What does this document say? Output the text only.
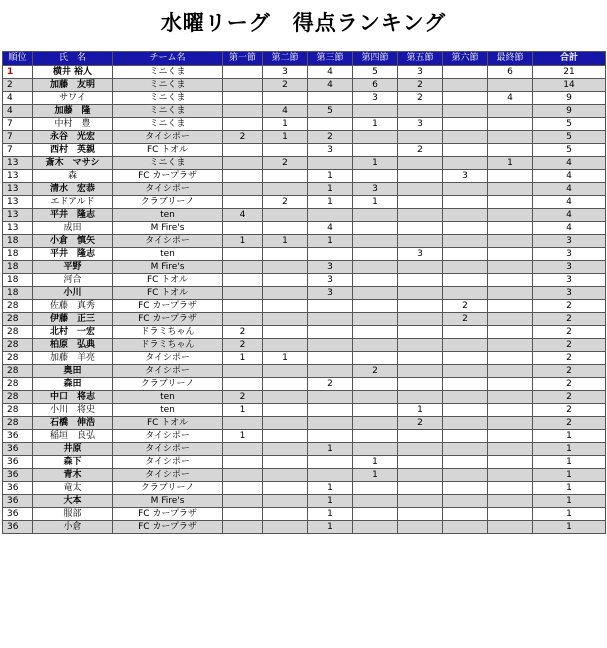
水曜リーグ　得点ランキング
順位	氏　名	チーム名	第一節	第二節	第三節	第四節	第五節	第六節	最終節	合計
1	横井 裕人	ミニくま		3	4	5	3		6	21
2	加藤　友明	ミニくま		2	4	6	2			14
4	サワイ	ミニくま				3	2		4	9
4	加藤　隆	ミニくま		4	5					9
7	中村　豊	ミニくま		1		1	3			5
7	永谷　光宏	タイシポー	2	1	2					5
7	西村　英親	FC トオル			3		2			5
13	斎木　マサシ	ミニくま		2		1			1	4
13	森	FC カープラザ			1			3		4
13	清水　宏恭	タイシポー			1	3				4
13	エドアルド	クラブリーノ		2	1	1				4
13	平井　隆志	ten	4							4
13	成田	M Fire's			4					4
18	小倉　慎矢	タイシポー	1	1	1					3
18	平井　隆志	ten					3			3
18	平野	M Fire's			3					3
18	河合	FC トオル			3					3
18	小川	FC トオル			3					3
28	佐藤　真秀	FC カープラザ						2		2
28	伊藤　正三	FC カープラザ						2		2
28	北村　一宏	ドラミちゃん	2							2
28	柏原　弘典	ドラミちゃん	2							2
28	加藤　羊亮	タイシポー	1	1						2
28	奥田	タイシポー				2				2
28	森田	クラブリーノ			2					2
28	中口　将志	ten	2							2
28	小川　将史	ten	1				1			2
28	石橋　伸浩	FC トオル					2			2
36	稲垣　良弘	タイシポー	1							1
36	井原	タイシポー			1					1
36	森下	タイシポー				1				1
36	青木	タイシポー				1				1
36	竜太	クラブリーノ			1					1
36	大本	M Fire's			1					1
36	服部	FC カープラザ			1					1
36	小倉	FC カープラザ			1					1
